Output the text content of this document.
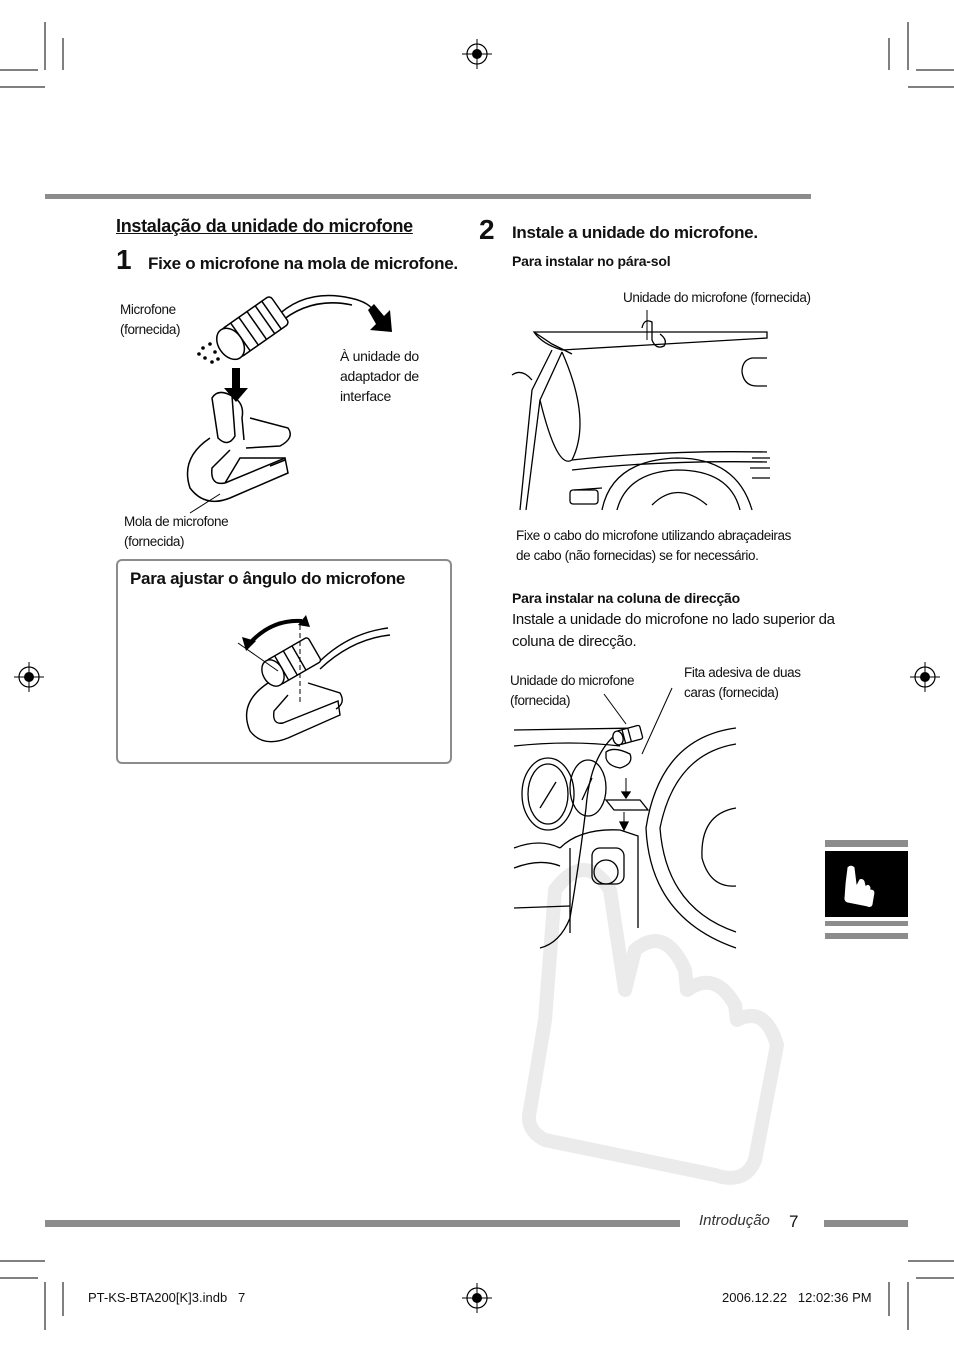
Instalação da unidade do microfone
1 Fixe o microfone na mola de microfone.
Microfone
(fornecida)
À unidade do
adaptador de
interface
Mola de microfone
(fornecida)
Para ajustar o ângulo do microfone
2 Instale a unidade do microfone.
Para instalar no pára-sol
Unidade do microfone (fornecida)
Fixe o cabo do microfone utilizando abraçadeiras
de cabo (não fornecidas) se for necessário.
Para instalar na coluna de direcção
Instale a unidade do microfone no lado superior da
coluna de direcção.
Unidade do microfone
(fornecida)
Fita adesiva de duas
caras (fornecida)
Introdução 7
PT-KS-BTA200[K]3.indb   7	2006.12.22   12:02:36 PM
